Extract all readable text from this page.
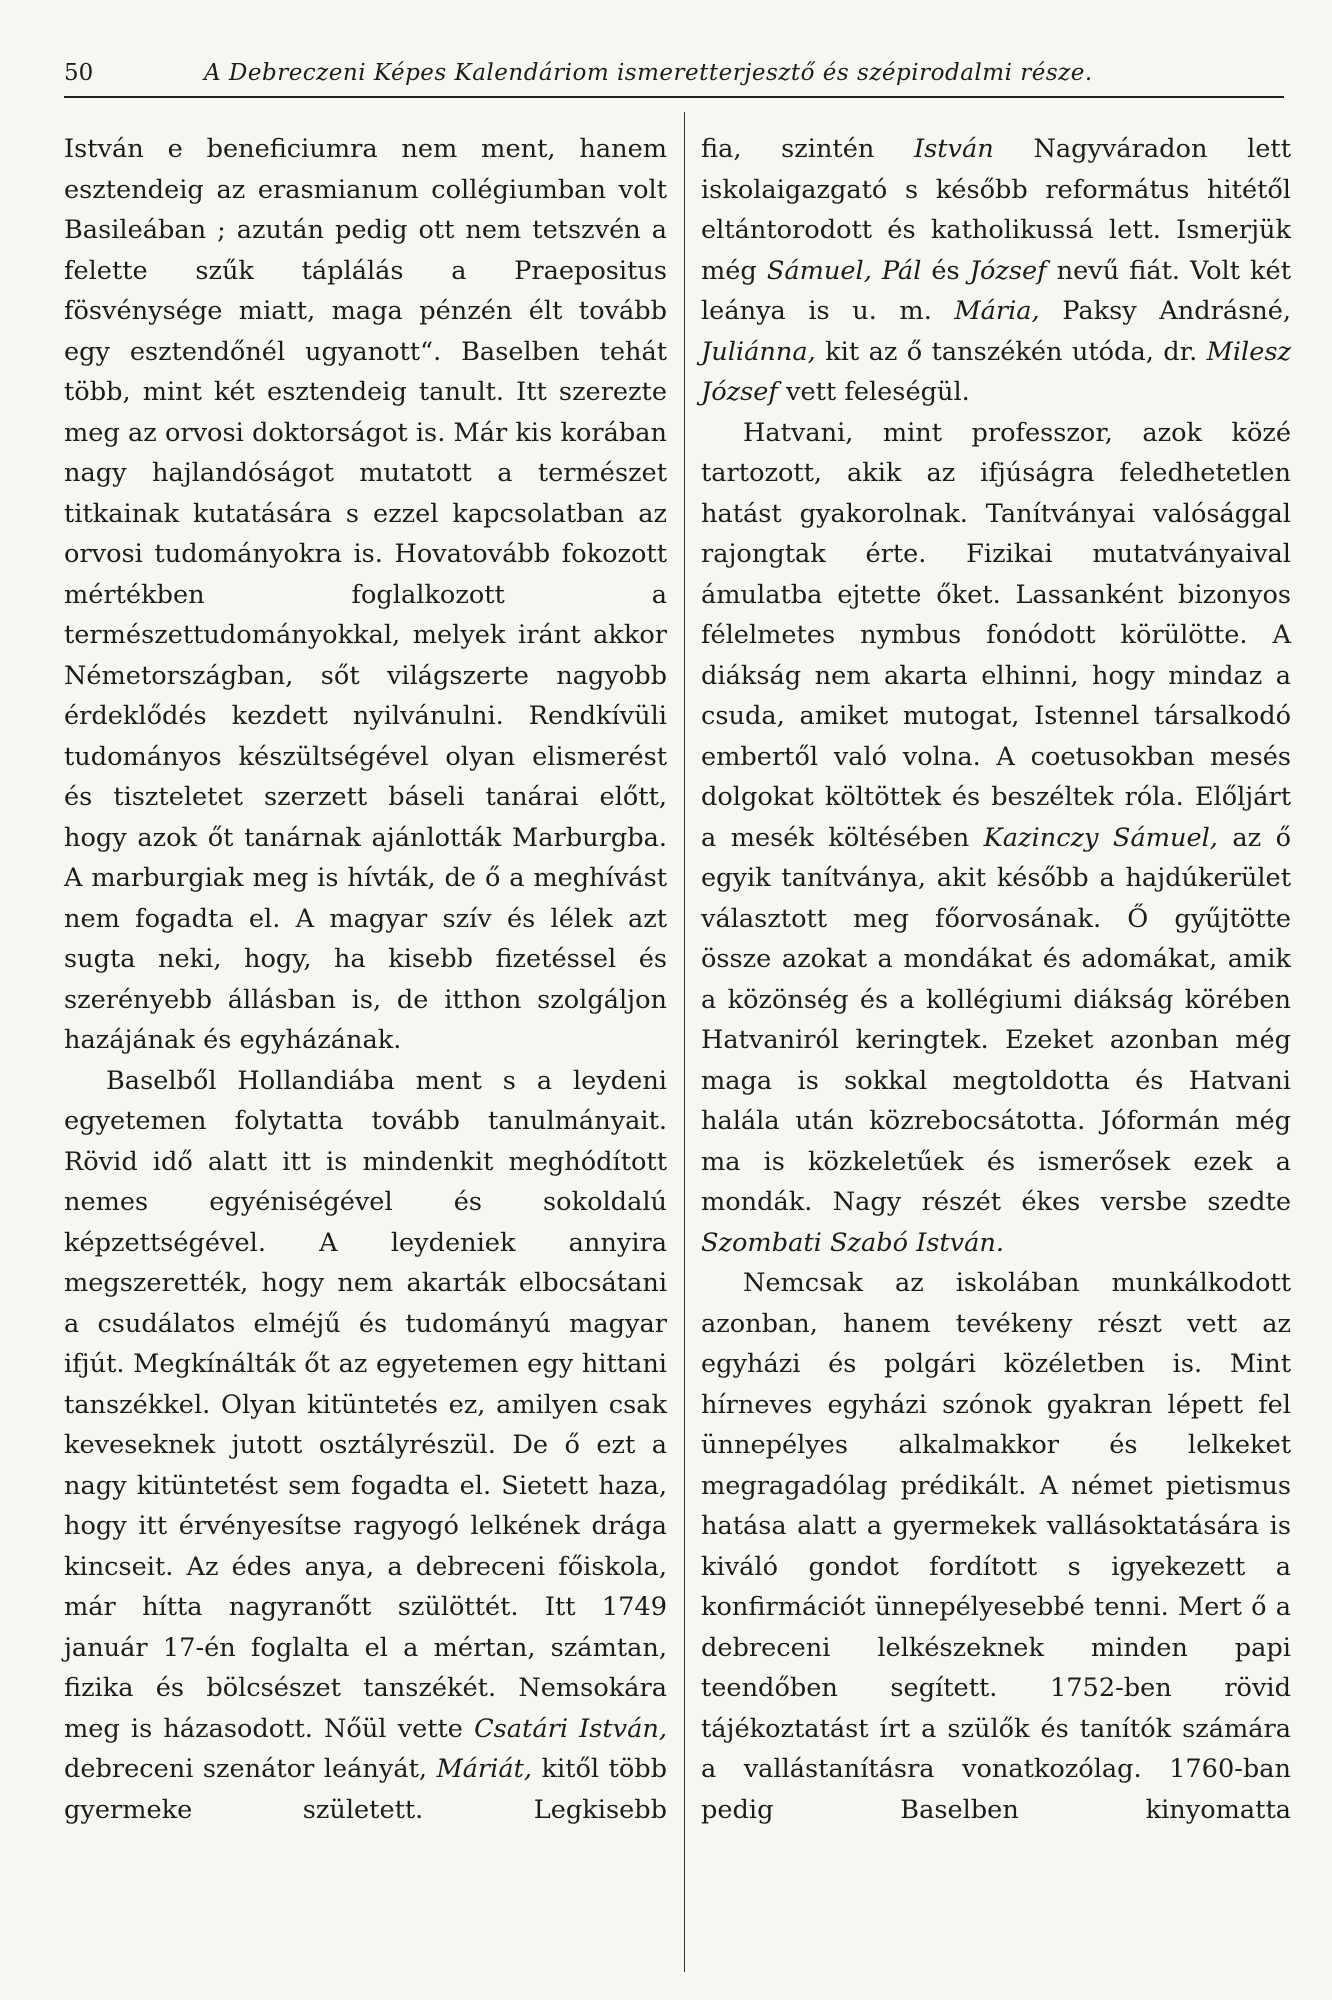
50	A Debreczeni Képes Kalendáriom ismeretterjesztő és szépirodalmi része.

István e beneficiumra nem ment, hanem esztendeig az erasmianum collégiumban volt Basileában ; azután pedig ott nem tetszvén a felette szűk táplálás a Praepositus fösvénysége miatt, maga pénzén élt tovább egy esztendőnél ugyanott“. Baselben tehát több, mint két esztendeig tanult. Itt szerezte meg az orvosi doktorságot is. Már kis korában nagy hajlandóságot mutatott a természet titkainak kutatására s ezzel kapcsolatban az orvosi tudományokra is. Hovatovább fokozott mértékben foglalkozott a természettudományokkal, melyek iránt akkor Németországban, sőt világszerte nagyobb érdeklődés kezdett nyilvánulni. Rendkívüli tudományos készültségével olyan elismerést és tiszteletet szerzett báseli tanárai előtt, hogy azok őt tanárnak ajánlották Marburgba. A marburgiak meg is hívták, de ő a meghívást nem fogadta el. A magyar szív és lélek azt sugta neki, hogy, ha kisebb fizetéssel és szerényebb állásban is, de itthon szolgáljon hazájának és egyházának.

Baselből Hollandiába ment s a leydeni egyetemen folytatta tovább tanulmányait. Rövid idő alatt itt is mindenkit meghódított nemes egyéniségével és sokoldalú képzettségével. A leydeniek annyira megszerették, hogy nem akarták elbocsátani a csudálatos elméjű és tudományú magyar ifjút. Megkínálták őt az egyetemen egy hittani tanszékkel. Olyan kitüntetés ez, amilyen csak keveseknek jutott osztályrészül. De ő ezt a nagy kitüntetést sem fogadta el. Sietett haza, hogy itt érvényesítse ragyogó lelkének drága kincseit. Az édes anya, a debreceni főiskola, már hítta nagyranőtt szülöttét. Itt 1749 január 17-én foglalta el a mértan, számtan, fizika és bölcsészet tanszékét. Nemsokára meg is házasodott. Nőül vette Csatári István, debreceni szenátor leányát, Máriát, kitől több gyermeke született. Legkisebb

fia, szintén István Nagyváradon lett iskolaigazgató s később református hitétől eltántorodott és katholikussá lett. Ismerjük még Sámuel, Pál és József nevű fiát. Volt két leánya is u. m. Mária, Paksy Andrásné, Juliánna, kit az ő tanszékén utóda, dr. Milesz József vett feleségül.

Hatvani, mint professzor, azok közé tartozott, akik az ifjúságra feledhetetlen hatást gyakorolnak. Tanítványai valósággal rajongtak érte. Fizikai mutatványaival ámulatba ejtette őket. Lassanként bizonyos félelmetes nymbus fonódott körülötte. A diákság nem akarta elhinni, hogy mindaz a csuda, amiket mutogat, Istennel társalkodó embertől való volna. A coetusokban mesés dolgokat költöttek és beszéltek róla. Előljárt a mesék költésében Kazinczy Sámuel, az ő egyik tanítványa, akit később a hajdúkerület választott meg főorvosának. Ő gyűjtötte össze azokat a mondákat és adomákat, amik a közönség és a kollégiumi diákság körében Hatvaniról keringtek. Ezeket azonban még maga is sokkal megtoldotta és Hatvani halála után közrebocsátotta. Jóformán még ma is közkeletűek és ismerősek ezek a mondák. Nagy részét ékes versbe szedte Szombati Szabó István.

Nemcsak az iskolában munkálkodott azonban, hanem tevékeny részt vett az egyházi és polgári közéletben is. Mint hírneves egyházi szónok gyakran lépett fel ünnepélyes alkalmakkor és lelkeket megragadólag prédikált. A német pietismus hatása alatt a gyermekek vallásoktatására is kiváló gondot fordított s igyekezett a konfirmációt ünnepélyesebbé tenni. Mert ő a debreceni lelkészeknek minden papi teendőben segített. 1752-ben rövid tájékoztatást írt a szülők és tanítók számára a vallástanításra vonatkozólag. 1760-ban pedig Baselben kinyomatta
